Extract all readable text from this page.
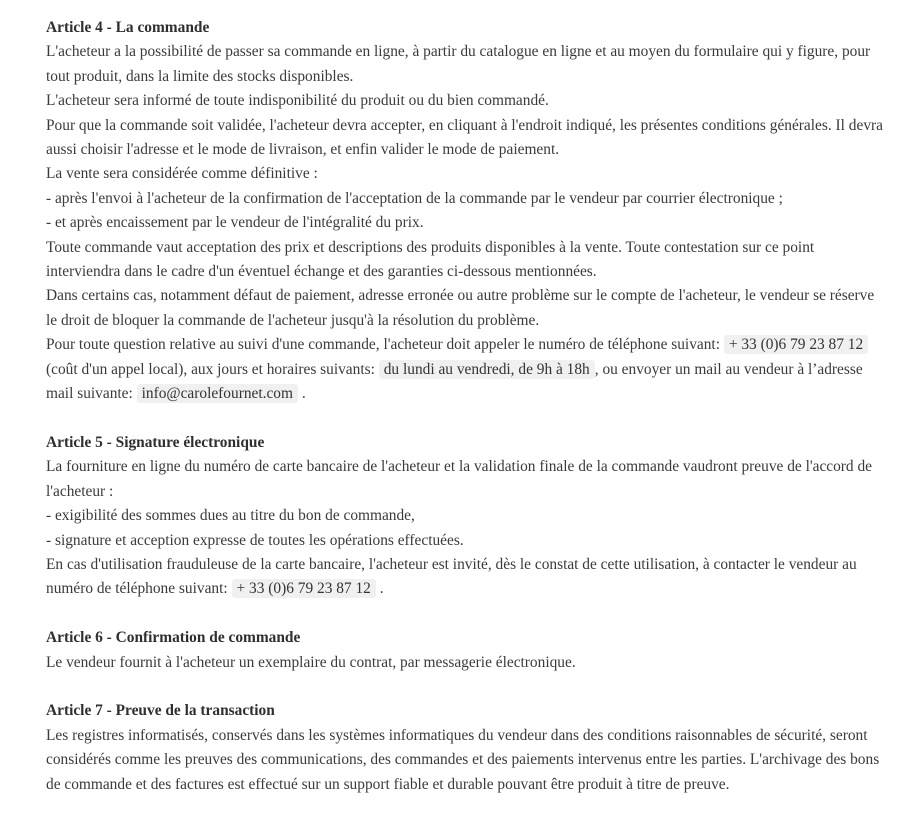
Article 4 - La commande

L'acheteur a la possibilité de passer sa commande en ligne, à partir du catalogue en ligne et au moyen du formulaire qui y figure, pour tout produit, dans la limite des stocks disponibles.

L'acheteur sera informé de toute indisponibilité du produit ou du bien commandé.

Pour que la commande soit validée, l'acheteur devra accepter, en cliquant à l'endroit indiqué, les présentes conditions générales. Il devra aussi choisir l'adresse et le mode de livraison, et enfin valider le mode de paiement.

La vente sera considérée comme définitive :

- après l'envoi à l'acheteur de la confirmation de l'acceptation de la commande par le vendeur par courrier électronique ;

- et après encaissement par le vendeur de l'intégralité du prix.

Toute commande vaut acceptation des prix et descriptions des produits disponibles à la vente. Toute contestation sur ce point interviendra dans le cadre d'un éventuel échange et des garanties ci-dessous mentionnées.

Dans certains cas, notamment défaut de paiement, adresse erronée ou autre problème sur le compte de l'acheteur, le vendeur se réserve le droit de bloquer la commande de l'acheteur jusqu'à la résolution du problème.

Pour toute question relative au suivi d'une commande, l'acheteur doit appeler le numéro de téléphone suivant: + 33 (0)6 79 23 87 12 (coût d'un appel local), aux jours et horaires suivants: du lundi au vendredi, de 9h à 18h , ou envoyer un mail au vendeur à l’adresse mail suivante: info@carolefournet.com .

Article 5 - Signature électronique

La fourniture en ligne du numéro de carte bancaire de l'acheteur et la validation finale de la commande vaudront preuve de l'accord de l'acheteur :

- exigibilité des sommes dues au titre du bon de commande,

- signature et acception expresse de toutes les opérations effectuées.

En cas d'utilisation frauduleuse de la carte bancaire, l'acheteur est invité, dès le constat de cette utilisation, à contacter le vendeur au numéro de téléphone suivant: + 33 (0)6 79 23 87 12 .

Article 6 - Confirmation de commande

Le vendeur fournit à l'acheteur un exemplaire du contrat, par messagerie électronique.

Article 7 - Preuve de la transaction

Les registres informatisés, conservés dans les systèmes informatiques du vendeur dans des conditions raisonnables de sécurité, seront considérés comme les preuves des communications, des commandes et des paiements intervenus entre les parties. L'archivage des bons de commande et des factures est effectué sur un support fiable et durable pouvant être produit à titre de preuve.
